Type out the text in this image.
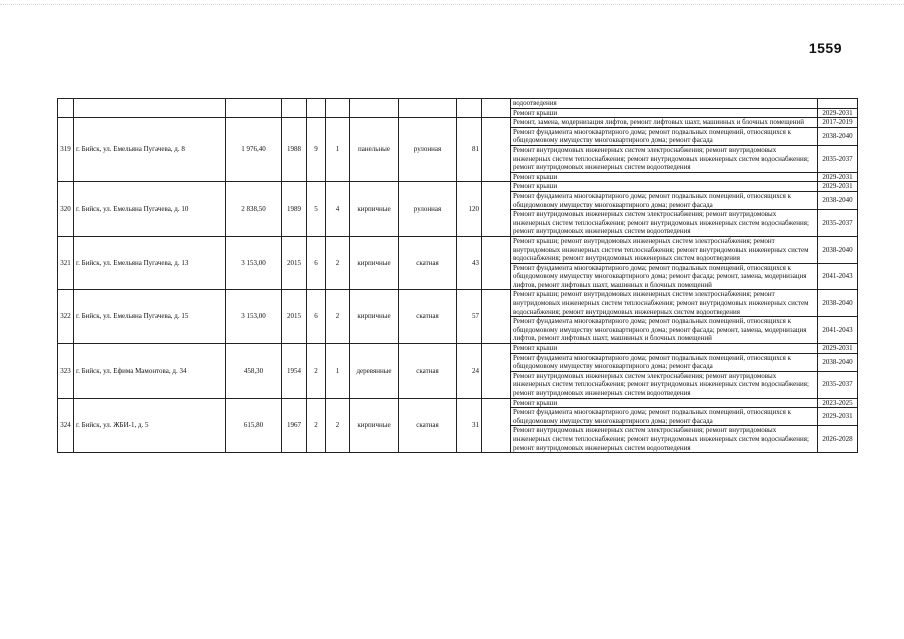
1559
										водоотведения	
										Ремонт крыши	2029-2031
319	г. Бийск, ул. Емельяна Пугачева, д. 8	1 976,40	1988	9	1	панельные	рулонная	81		Ремонт, замена, модернизация лифтов, ремонт лифтовых шахт, машинных и блочных помещений	2017-2019
										Ремонт фундамента многоквартирного дома; ремонт подвальных помещений, относящихся к общедомовому имуществу многоквартирного дома; ремонт фасада	2038-2040
										Ремонт внутридомовых инженерных систем электроснабжения; ремонт внутридомовых инженерных систем теплоснабжения; ремонт внутридомовых инженерных систем водоснабжения; ремонт внутридомовых инженерных систем водоотведения	2035-2037
										Ремонт крыши	2029-2031
320	г. Бийск, ул. Емельяна Пугачева, д. 10	2 838,50	1989	5	4	кирпичные	рулонная	120		Ремонт крыши	2029-2031
										Ремонт фундамента многоквартирного дома; ремонт подвальных помещений, относящихся к общедомовому имуществу многоквартирного дома; ремонт фасада	2038-2040
										Ремонт внутридомовых инженерных систем электроснабжения; ремонт внутридомовых инженерных систем теплоснабжения; ремонт внутридомовых инженерных систем водоснабжения; ремонт внутридомовых инженерных систем водоотведения	2035-2037
321	г. Бийск, ул. Емельяна Пугачева, д. 13	3 153,00	2015	6	2	кирпичные	скатная	43		Ремонт крыши; ремонт внутридомовых инженерных систем электроснабжения; ремонт внутридомовых инженерных систем теплоснабжения; ремонт внутридомовых инженерных систем водоснабжения; ремонт внутридомовых инженерных систем водоотведения	2038-2040
										Ремонт фундамента многоквартирного дома; ремонт подвальных помещений, относящихся к общедомовому имуществу многоквартирного дома; ремонт фасада; ремонт, замена, модернизация лифтов, ремонт лифтовых шахт, машинных и блочных помещений	2041-2043
322	г. Бийск, ул. Емельяна Пугачева, д. 15	3 153,00	2015	6	2	кирпичные	скатная	57		Ремонт крыши; ремонт внутридомовых инженерных систем электроснабжения; ремонт внутридомовых инженерных систем теплоснабжения; ремонт внутридомовых инженерных систем водоснабжения; ремонт внутридомовых инженерных систем водоотведения	2038-2040
										Ремонт фундамента многоквартирного дома; ремонт подвальных помещений, относящихся к общедомовому имуществу многоквартирного дома; ремонт фасада; ремонт, замена, модернизация лифтов, ремонт лифтовых шахт, машинных и блочных помещений	2041-2043
323	г. Бийск, ул. Ефима Мамонтова, д. 34	458,30	1954	2	1	деревянные	скатная	24		Ремонт крыши	2029-2031
										Ремонт фундамента многоквартирного дома; ремонт подвальных помещений, относящихся к общедомовому имуществу многоквартирного дома; ремонт фасада	2038-2040
										Ремонт внутридомовых инженерных систем электроснабжения; ремонт внутридомовых инженерных систем теплоснабжения; ремонт внутридомовых инженерных систем водоснабжения; ремонт внутридомовых инженерных систем водоотведения	2035-2037
324	г. Бийск, ул. ЖБИ-1, д. 5	615,80	1967	2	2	кирпичные	скатная	31		Ремонт крыши	2023-2025
										Ремонт фундамента многоквартирного дома; ремонт подвальных помещений, относящихся к общедомовому имуществу многоквартирного дома; ремонт фасада	2029-2031
										Ремонт внутридомовых инженерных систем электроснабжения; ремонт внутридомовых инженерных систем теплоснабжения; ремонт внутридомовых инженерных систем водоснабжения; ремонт внутридомовых инженерных систем водоотведения	2026-2028
